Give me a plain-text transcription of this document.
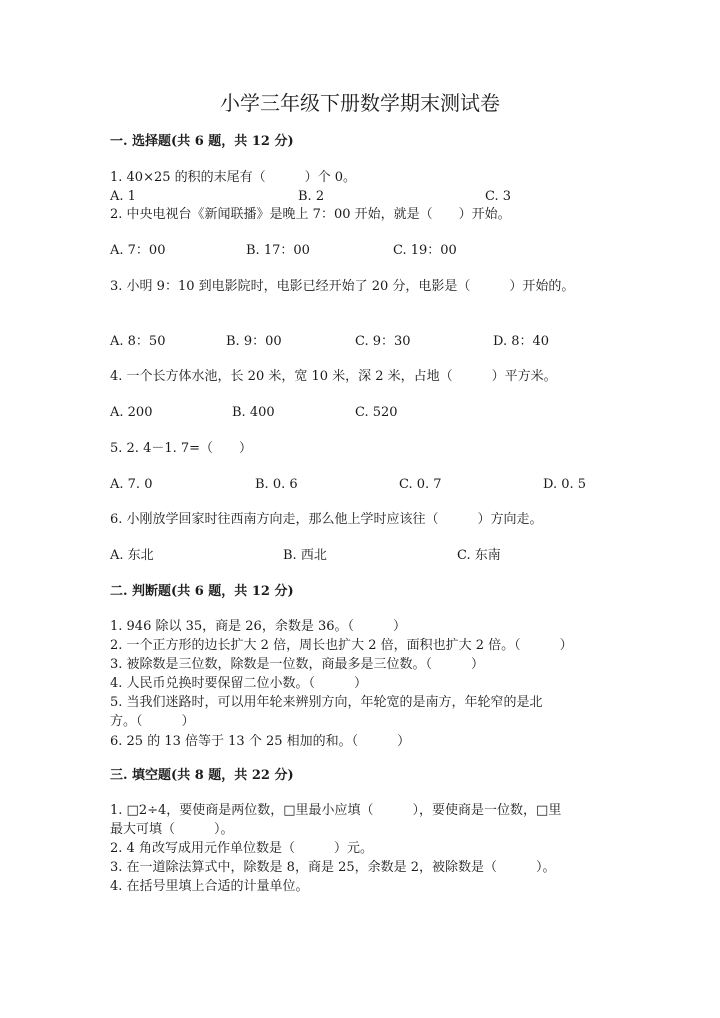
小学三年级下册数学期末测试卷
一. 选择题(共 6 题，共 12 分)
1. 40×25 的积的末尾有（　　　）个 0。
A. 1	B. 2	C. 3
2. 中央电视台《新闻联播》是晚上 7：00 开始，就是（　　）开始。
A. 7：00	B. 17：00	C. 19：00
3. 小明 9：10 到电影院时，电影已经开始了 20 分，电影是（　　　）开始的。
A. 8：50	B. 9：00	C. 9：30	D. 8：40
4. 一个长方体水池，长 20 米，宽 10 米，深 2 米，占地（　　　）平方米。
A. 200	B. 400	C. 520
5. 2. 4－1. 7=（　　）
A. 7. 0	B. 0. 6	C. 0. 7	D. 0. 5
6. 小刚放学回家时往西南方向走，那么他上学时应该往（　　　）方向走。
A. 东北	B. 西北	C. 东南
二. 判断题(共 6 题，共 12 分)
1. 946 除以 35，商是 26，余数是 36。（　　　）
2. 一个正方形的边长扩大 2 倍，周长也扩大 2 倍，面积也扩大 2 倍。（　　　）
3. 被除数是三位数，除数是一位数，商最多是三位数。（　　　）
4. 人民币兑换时要保留二位小数。（　　　）
5. 当我们迷路时，可以用年轮来辨别方向，年轮宽的是南方，年轮窄的是北
方。（　　　）
6. 25 的 13 倍等于 13 个 25 相加的和。（　　　）
三. 填空题(共 8 题，共 22 分)
1. □2÷4，要使商是两位数，□里最小应填（　　　），要使商是一位数，□里
最大可填（　　　）。
2. 4 角改写成用元作单位数是（　　　）元。
3. 在一道除法算式中，除数是 8，商是 25，余数是 2，被除数是（　　　）。
4. 在括号里填上合适的计量单位。
